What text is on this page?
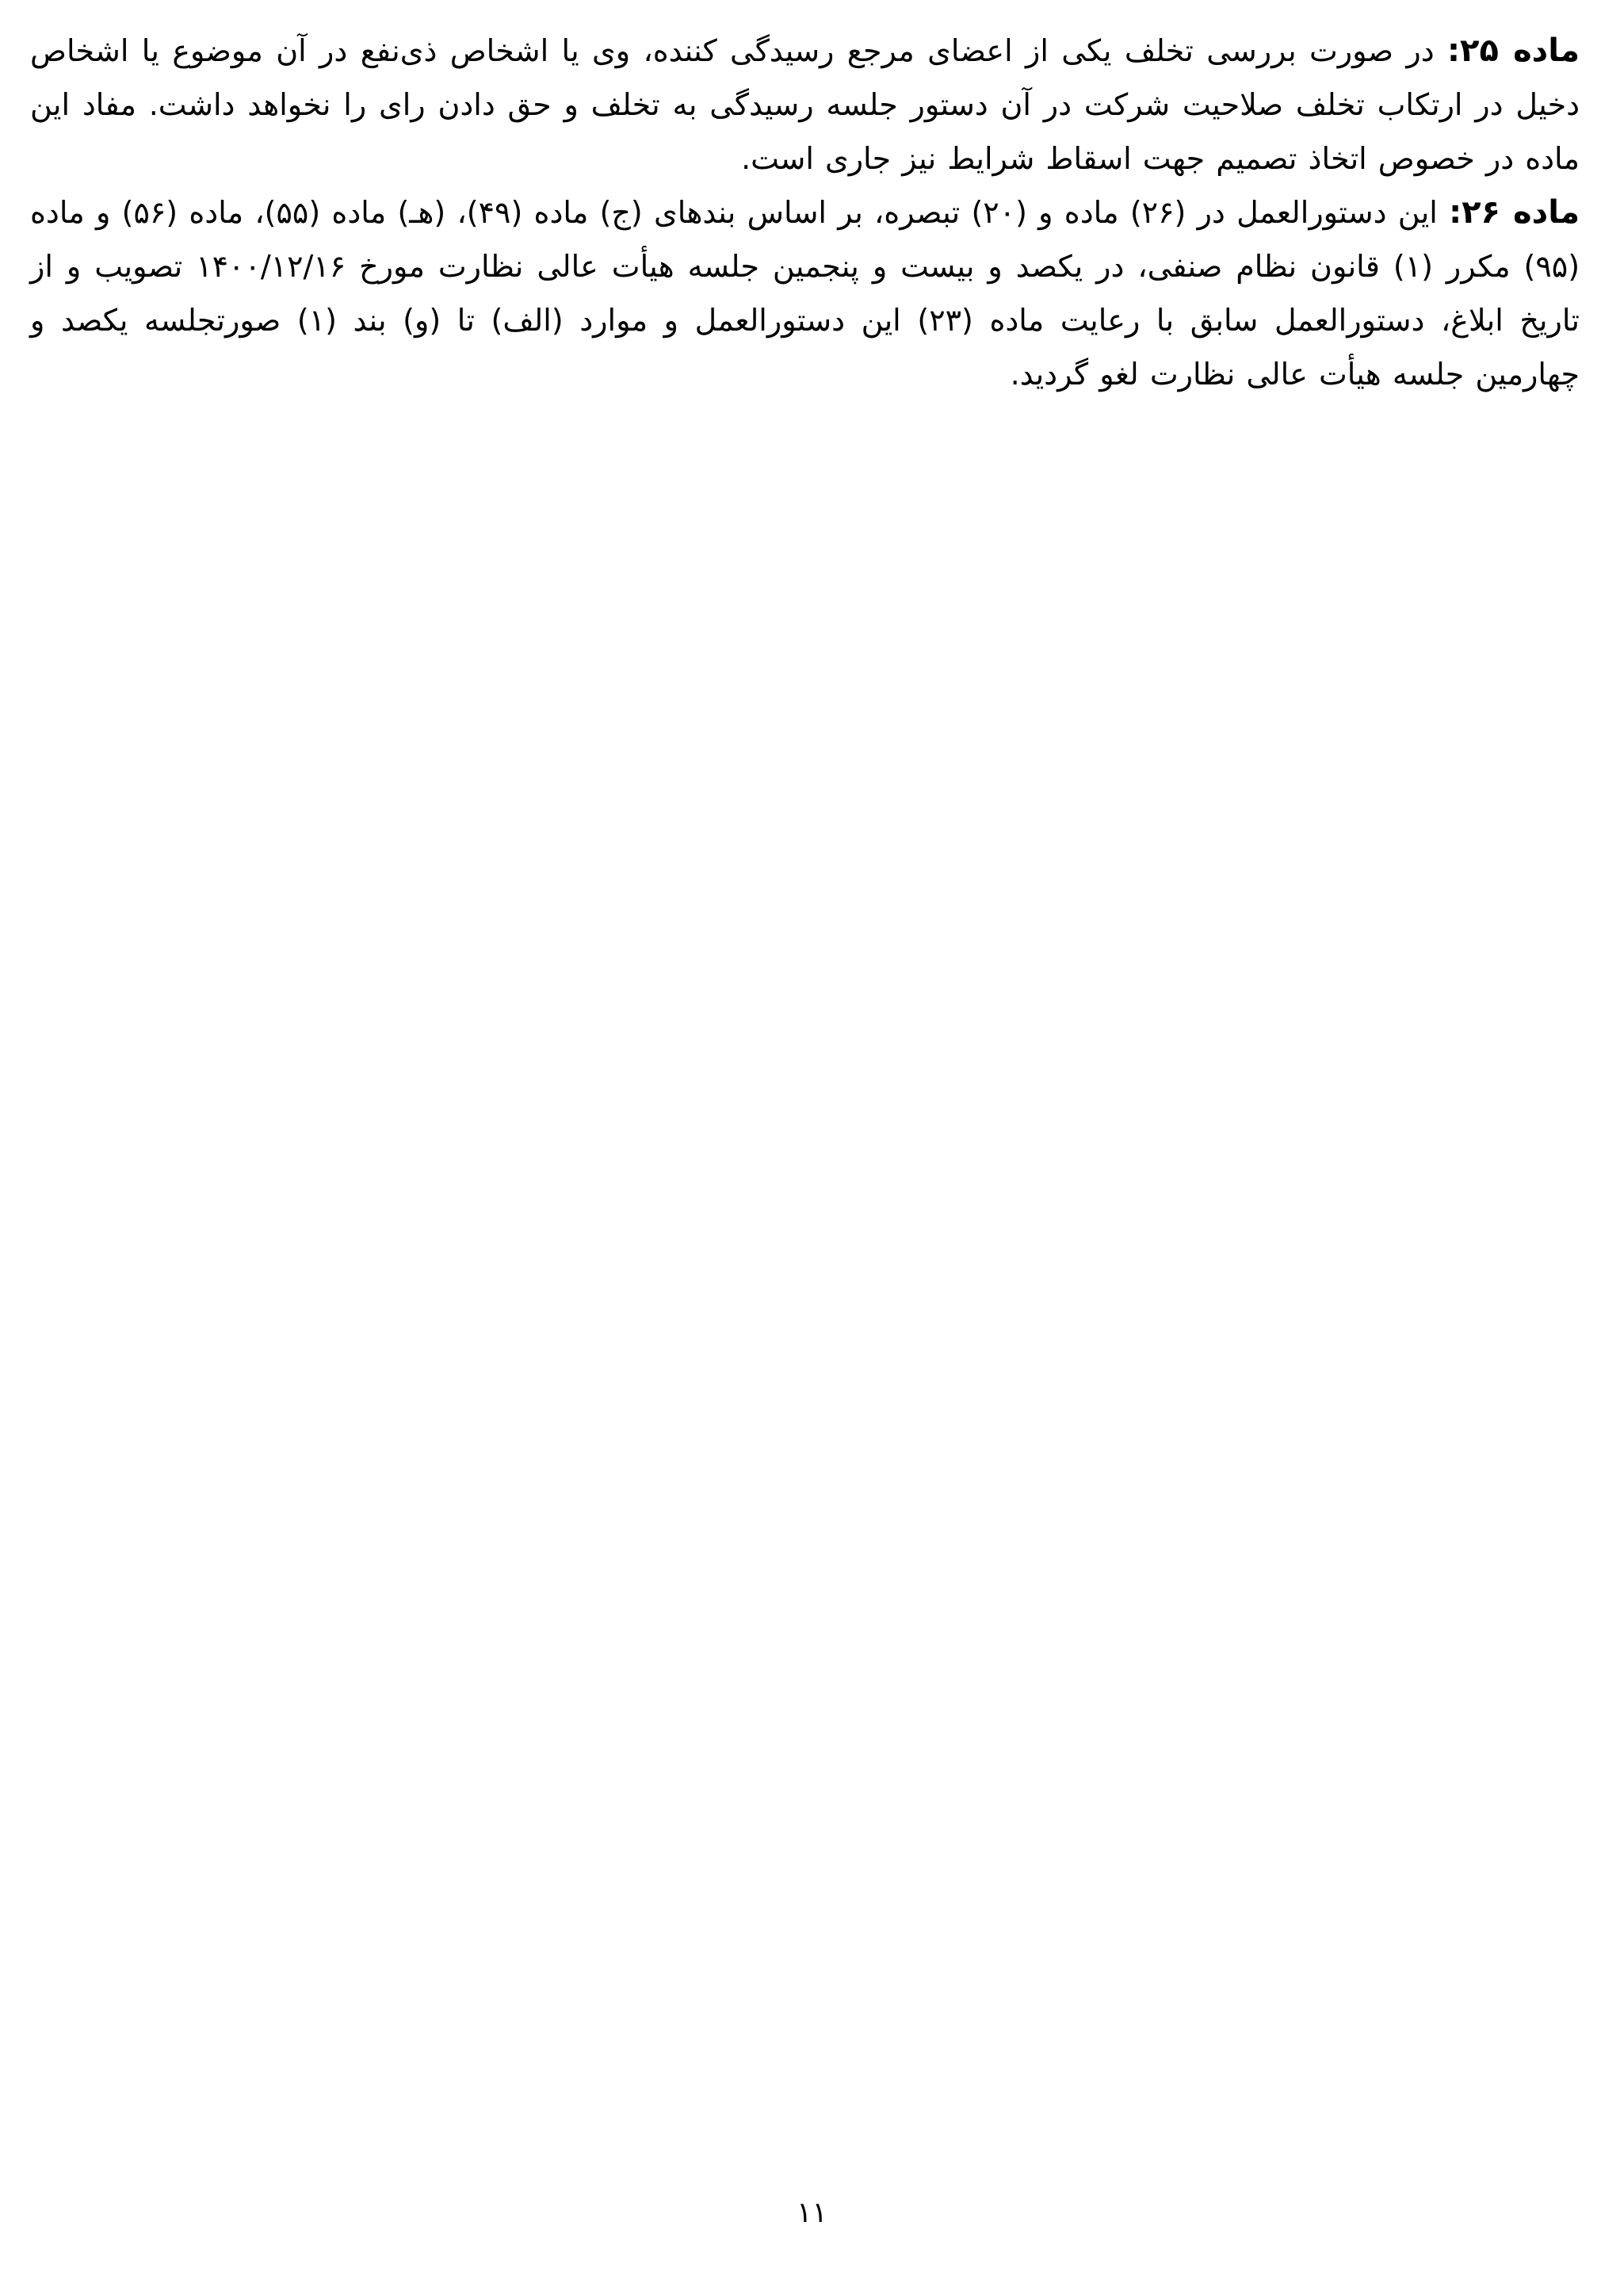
ماده ۲۵: در صورت بررسی تخلف یکی از اعضای مرجع رسیدگی کننده، وی یا اشخاص ذی‌نفع در آن موضوع یا اشخاص دخیل در ارتکاب تخلف صلاحیت شرکت در آن دستور جلسه رسیدگی به تخلف و حق دادن رای را نخواهد داشت. مفاد این ماده در خصوص اتخاذ تصمیم جهت اسقاط شرایط نیز جاری است.

ماده ۲۶: این دستورالعمل در (۲۶) ماده و (۲۰) تبصره، بر اساس بندهای (ج) ماده (۴۹)، (هـ) ماده (۵۵)، ماده (۵۶) و ماده (۹۵) مکرر (۱) قانون نظام صنفی، در یکصد و بیست و پنجمین جلسه هیأت عالی نظارت مورخ ۱۴۰۰/۱۲/۱۶ تصویب و از تاریخ ابلاغ، دستورالعمل سابق با رعایت ماده (۲۳) این دستورالعمل و موارد (الف) تا (و) بند (۱) صورتجلسه یکصد و چهارمین جلسه هیأت عالی نظارت لغو گردید.

۱۱
